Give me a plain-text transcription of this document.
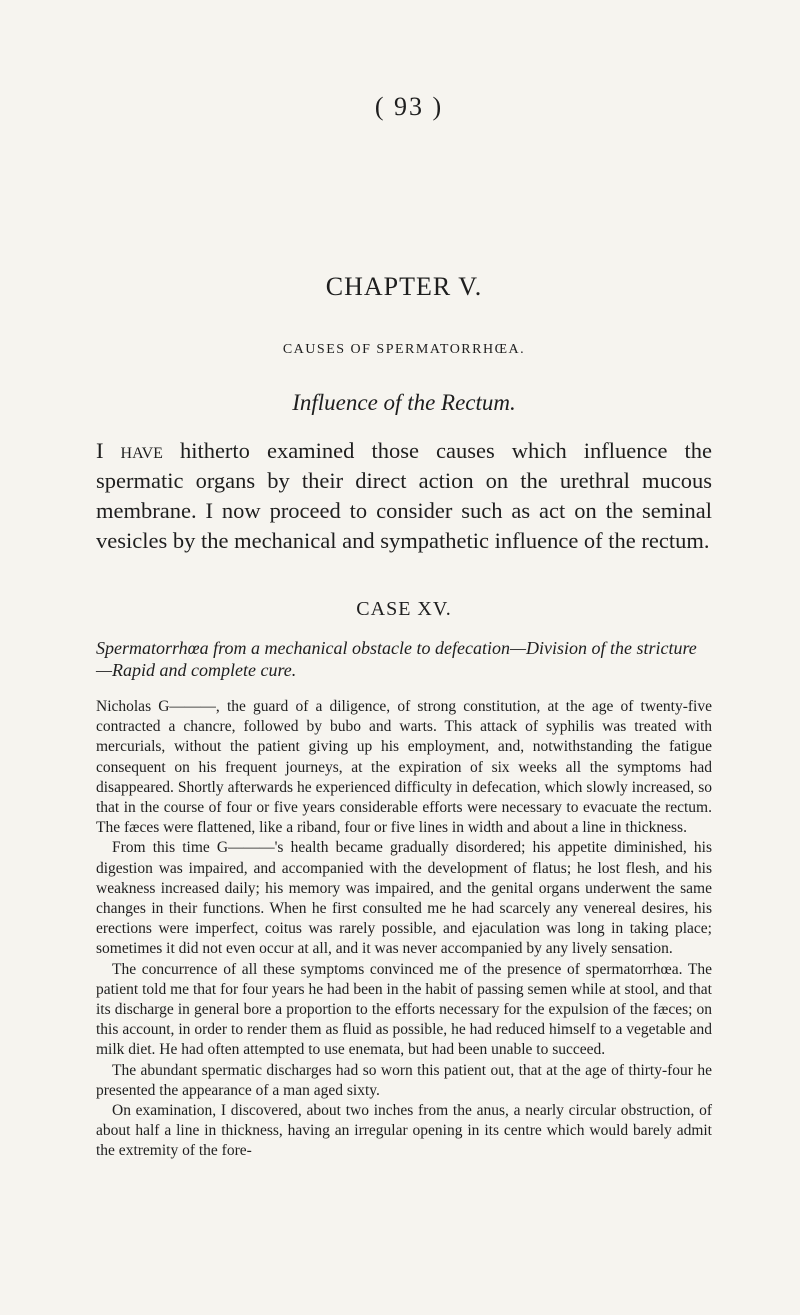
( 93 )
CHAPTER V.
CAUSES OF SPERMATORRHŒA.
Influence of the Rectum.

I have hitherto examined those causes which influence the spermatic organs by their direct action on the urethral mucous membrane. I now proceed to consider such as act on the seminal vesicles by the mechanical and sympathetic influence of the rectum.

CASE XV.

Spermatorrhœa from a mechanical obstacle to defecation—Division of the stricture—Rapid and complete cure.

Nicholas G———, the guard of a diligence, of strong constitution, at the age of twenty-five contracted a chancre, followed by bubo and warts. This attack of syphilis was treated with mercurials, without the patient giving up his employment, and, notwithstanding the fatigue consequent on his frequent journeys, at the expiration of six weeks all the symptoms had disappeared. Shortly afterwards he experienced difficulty in defecation, which slowly increased, so that in the course of four or five years considerable efforts were necessary to evacuate the rectum. The fæces were flattened, like a riband, four or five lines in width and about a line in thickness.

From this time G———'s health became gradually disordered; his appetite diminished, his digestion was impaired, and accompanied with the development of flatus; he lost flesh, and his weakness increased daily; his memory was impaired, and the genital organs underwent the same changes in their functions. When he first consulted me he had scarcely any venereal desires, his erections were imperfect, coitus was rarely possible, and ejaculation was long in taking place; sometimes it did not even occur at all, and it was never accompanied by any lively sensation.

The concurrence of all these symptoms convinced me of the presence of spermatorrhœa. The patient told me that for four years he had been in the habit of passing semen while at stool, and that its discharge in general bore a proportion to the efforts necessary for the expulsion of the fæces; on this account, in order to render them as fluid as possible, he had reduced himself to a vegetable and milk diet. He had often attempted to use enemata, but had been unable to succeed.

The abundant spermatic discharges had so worn this patient out, that at the age of thirty-four he presented the appearance of a man aged sixty.

On examination, I discovered, about two inches from the anus, a nearly circular obstruction, of about half a line in thickness, having an irregular opening in its centre which would barely admit the extremity of the fore-
